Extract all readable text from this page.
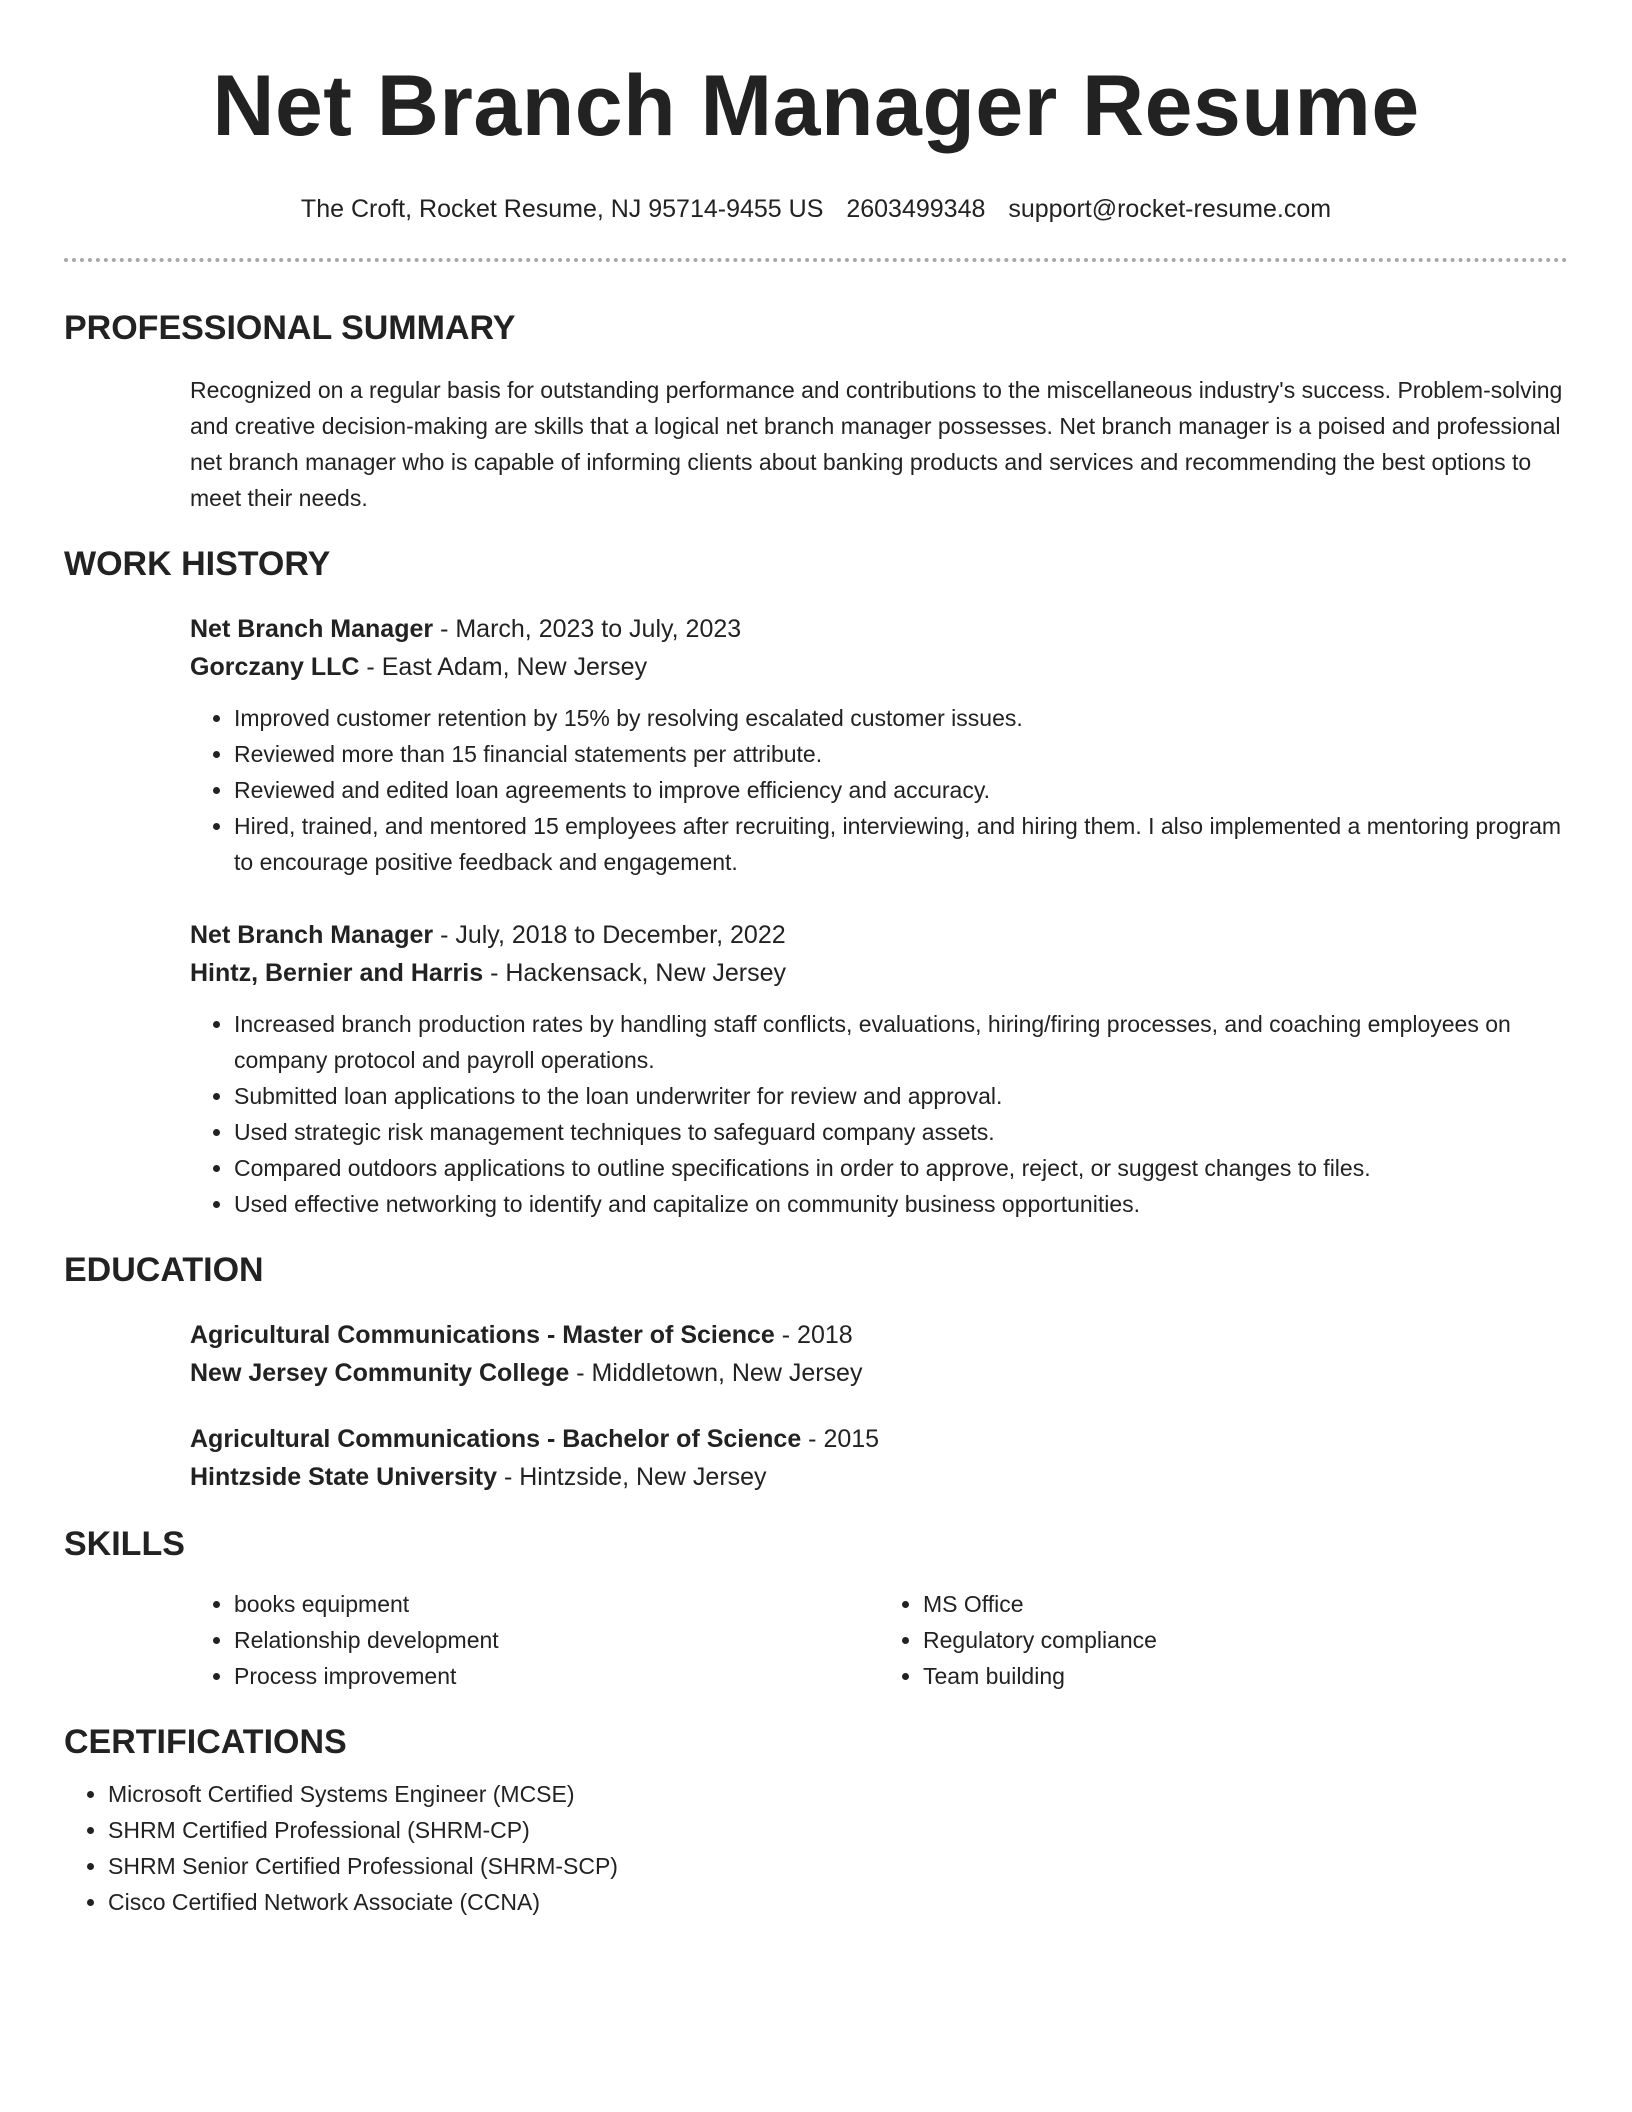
Net Branch Manager Resume
The Croft, Rocket Resume, NJ 95714-9455 US 2603499348 support@rocket-resume.com
PROFESSIONAL SUMMARY

Recognized on a regular basis for outstanding performance and contributions to the miscellaneous industry's success. Problem-solving and creative decision-making are skills that a logical net branch manager possesses. Net branch manager is a poised and professional net branch manager who is capable of informing clients about banking products and services and recommending the best options to meet their needs.

WORK HISTORY
Net Branch Manager - March, 2023 to July, 2023
Gorczany LLC - East Adam, New Jersey
• Improved customer retention by 15% by resolving escalated customer issues.
• Reviewed more than 15 financial statements per attribute.
• Reviewed and edited loan agreements to improve efficiency and accuracy.
• Hired, trained, and mentored 15 employees after recruiting, interviewing, and hiring them. I also implemented a mentoring program to encourage positive feedback and engagement.
Net Branch Manager - July, 2018 to December, 2022
Hintz, Bernier and Harris - Hackensack, New Jersey
• Increased branch production rates by handling staff conflicts, evaluations, hiring/firing processes, and coaching employees on company protocol and payroll operations.
• Submitted loan applications to the loan underwriter for review and approval.
• Used strategic risk management techniques to safeguard company assets.
• Compared outdoors applications to outline specifications in order to approve, reject, or suggest changes to files.
• Used effective networking to identify and capitalize on community business opportunities.
EDUCATION
Agricultural Communications - Master of Science - 2018
New Jersey Community College - Middletown, New Jersey
Agricultural Communications - Bachelor of Science - 2015
Hintzside State University - Hintzside, New Jersey
SKILLS
• books equipment
• Relationship development
• Process improvement
• MS Office
• Regulatory compliance
• Team building
CERTIFICATIONS
• Microsoft Certified Systems Engineer (MCSE)
• SHRM Certified Professional (SHRM-CP)
• SHRM Senior Certified Professional (SHRM-SCP)
• Cisco Certified Network Associate (CCNA)
